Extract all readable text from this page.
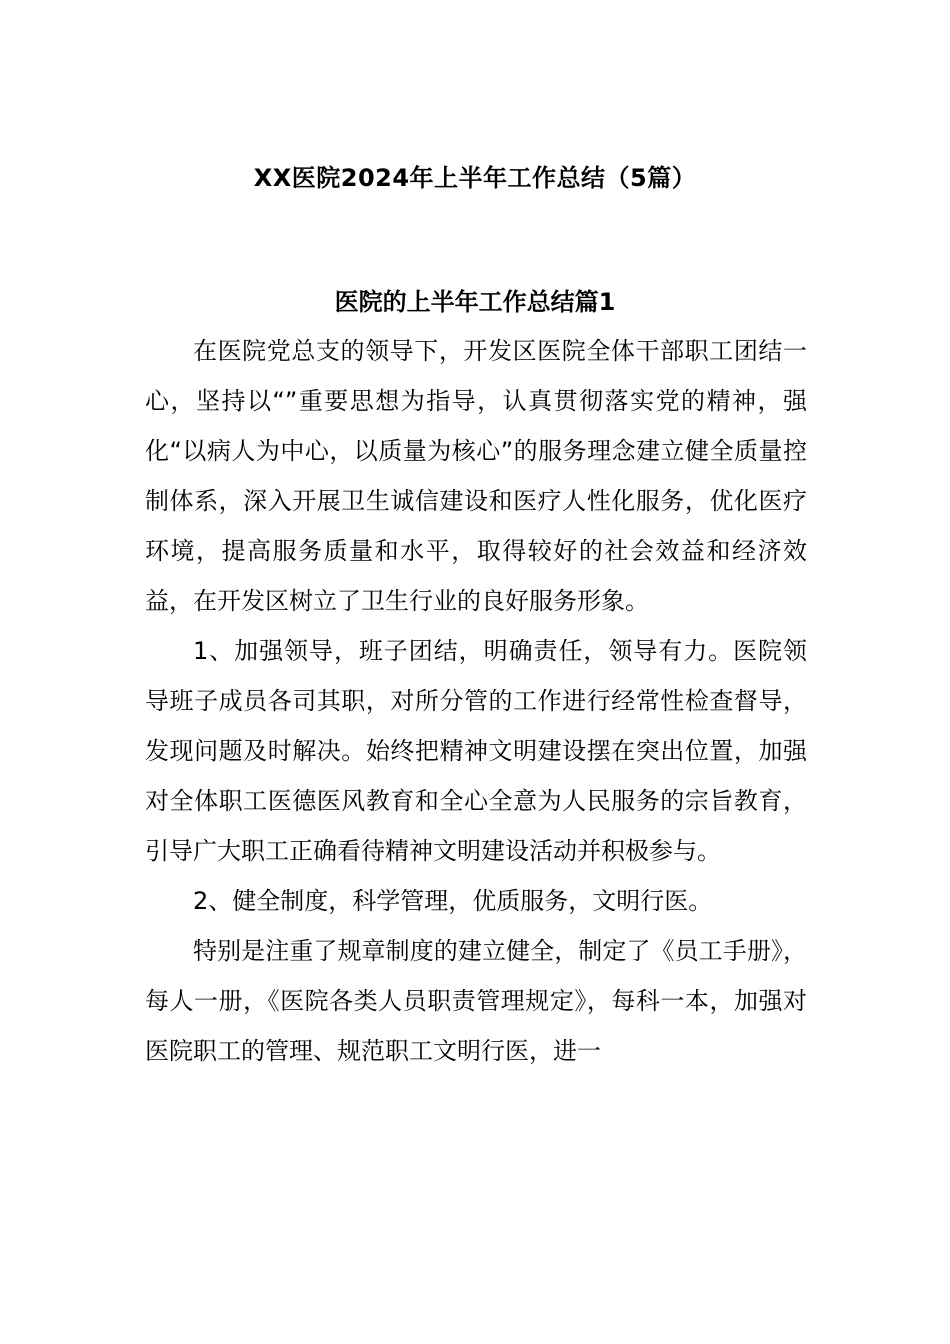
XX医院2024年上半年工作总结（5篇）
医院的上半年工作总结篇1

在医院党总支的领导下，开发区医院全体干部职工团结一心，坚持以“”重要思想为指导，认真贯彻落实党的精神，强化“以病人为中心，以质量为核心”的服务理念建立健全质量控制体系，深入开展卫生诚信建设和医疗人性化服务，优化医疗环境，提高服务质量和水平，取得较好的社会效益和经济效益，在开发区树立了卫生行业的良好服务形象。

1、加强领导，班子团结，明确责任，领导有力。医院领导班子成员各司其职，对所分管的工作进行经常性检查督导，发现问题及时解决。始终把精神文明建设摆在突出位置，加强对全体职工医德医风教育和全心全意为人民服务的宗旨教育，引导广大职工正确看待精神文明建设活动并积极参与。

2、健全制度，科学管理，优质服务，文明行医。

特别是注重了规章制度的建立健全，制定了《员工手册》，每人一册，《医院各类人员职责管理规定》，每科一本，加强对医院职工的管理、规范职工文明行医，进一
